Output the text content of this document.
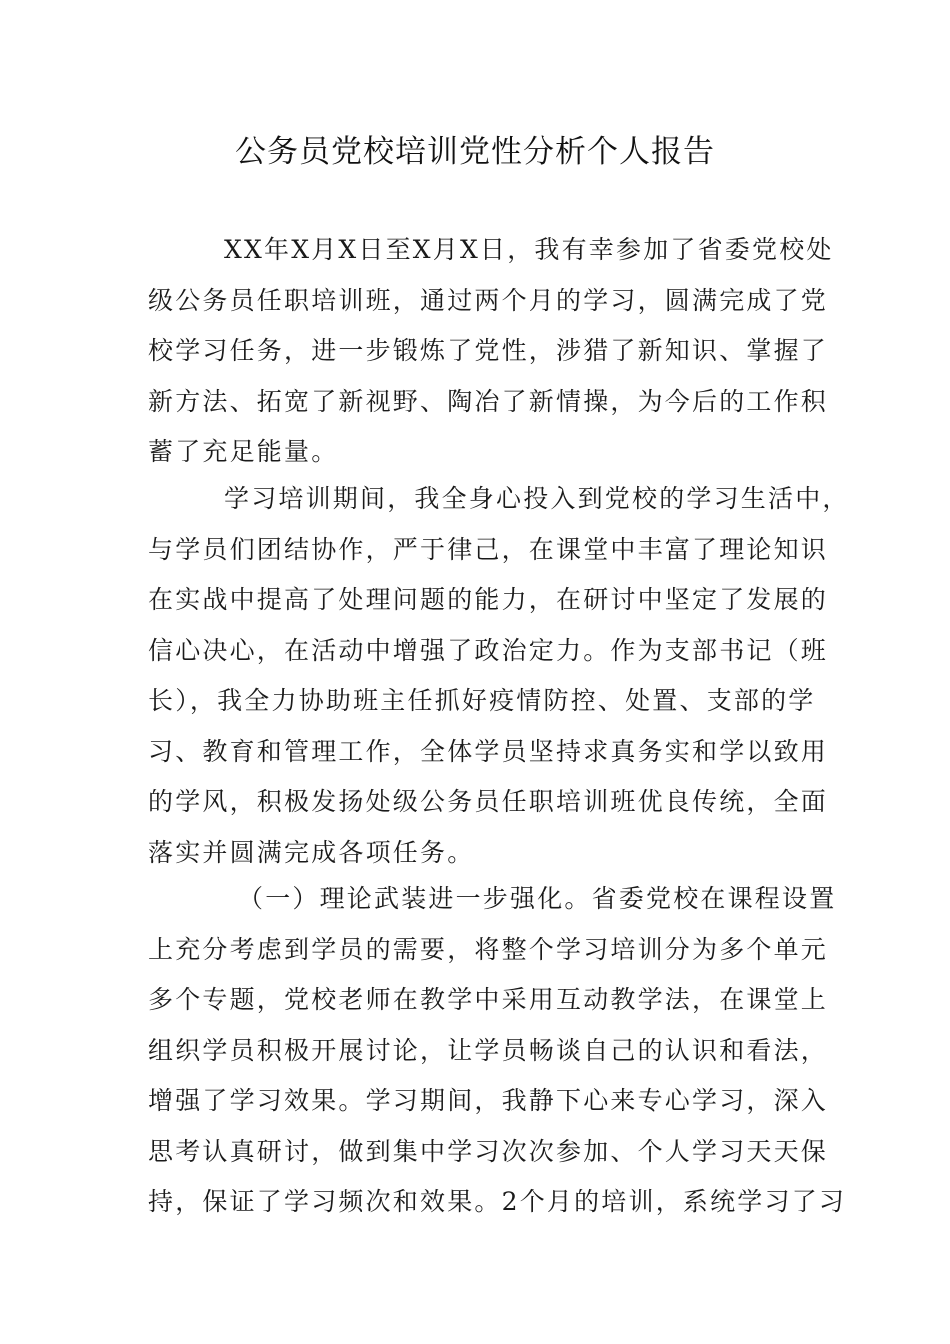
公务员党校培训党性分析个人报告
XX年X月X日至X月X日，我有幸参加了省委党校处
级公务员任职培训班，通过两个月的学习，圆满完成了党
校学习任务，进一步锻炼了党性，涉猎了新知识、掌握了
新方法、拓宽了新视野、陶冶了新情操，为今后的工作积
蓄了充足能量。
学习培训期间，我全身心投入到党校的学习生活中，
与学员们团结协作，严于律己，在课堂中丰富了理论知识
在实战中提高了处理问题的能力，在研讨中坚定了发展的
信心决心，在活动中增强了政治定力。作为支部书记（班
长），我全力协助班主任抓好疫情防控、处置、支部的学
习、教育和管理工作，全体学员坚持求真务实和学以致用
的学风，积极发扬处级公务员任职培训班优良传统，全面
落实并圆满完成各项任务。
（一）理论武装进一步强化。省委党校在课程设置
上充分考虑到学员的需要，将整个学习培训分为多个单元
多个专题，党校老师在教学中采用互动教学法，在课堂上
组织学员积极开展讨论，让学员畅谈自己的认识和看法，
增强了学习效果。学习期间，我静下心来专心学习，深入
思考认真研讨，做到集中学习次次参加、个人学习天天保
持，保证了学习频次和效果。2个月的培训，系统学习了习
